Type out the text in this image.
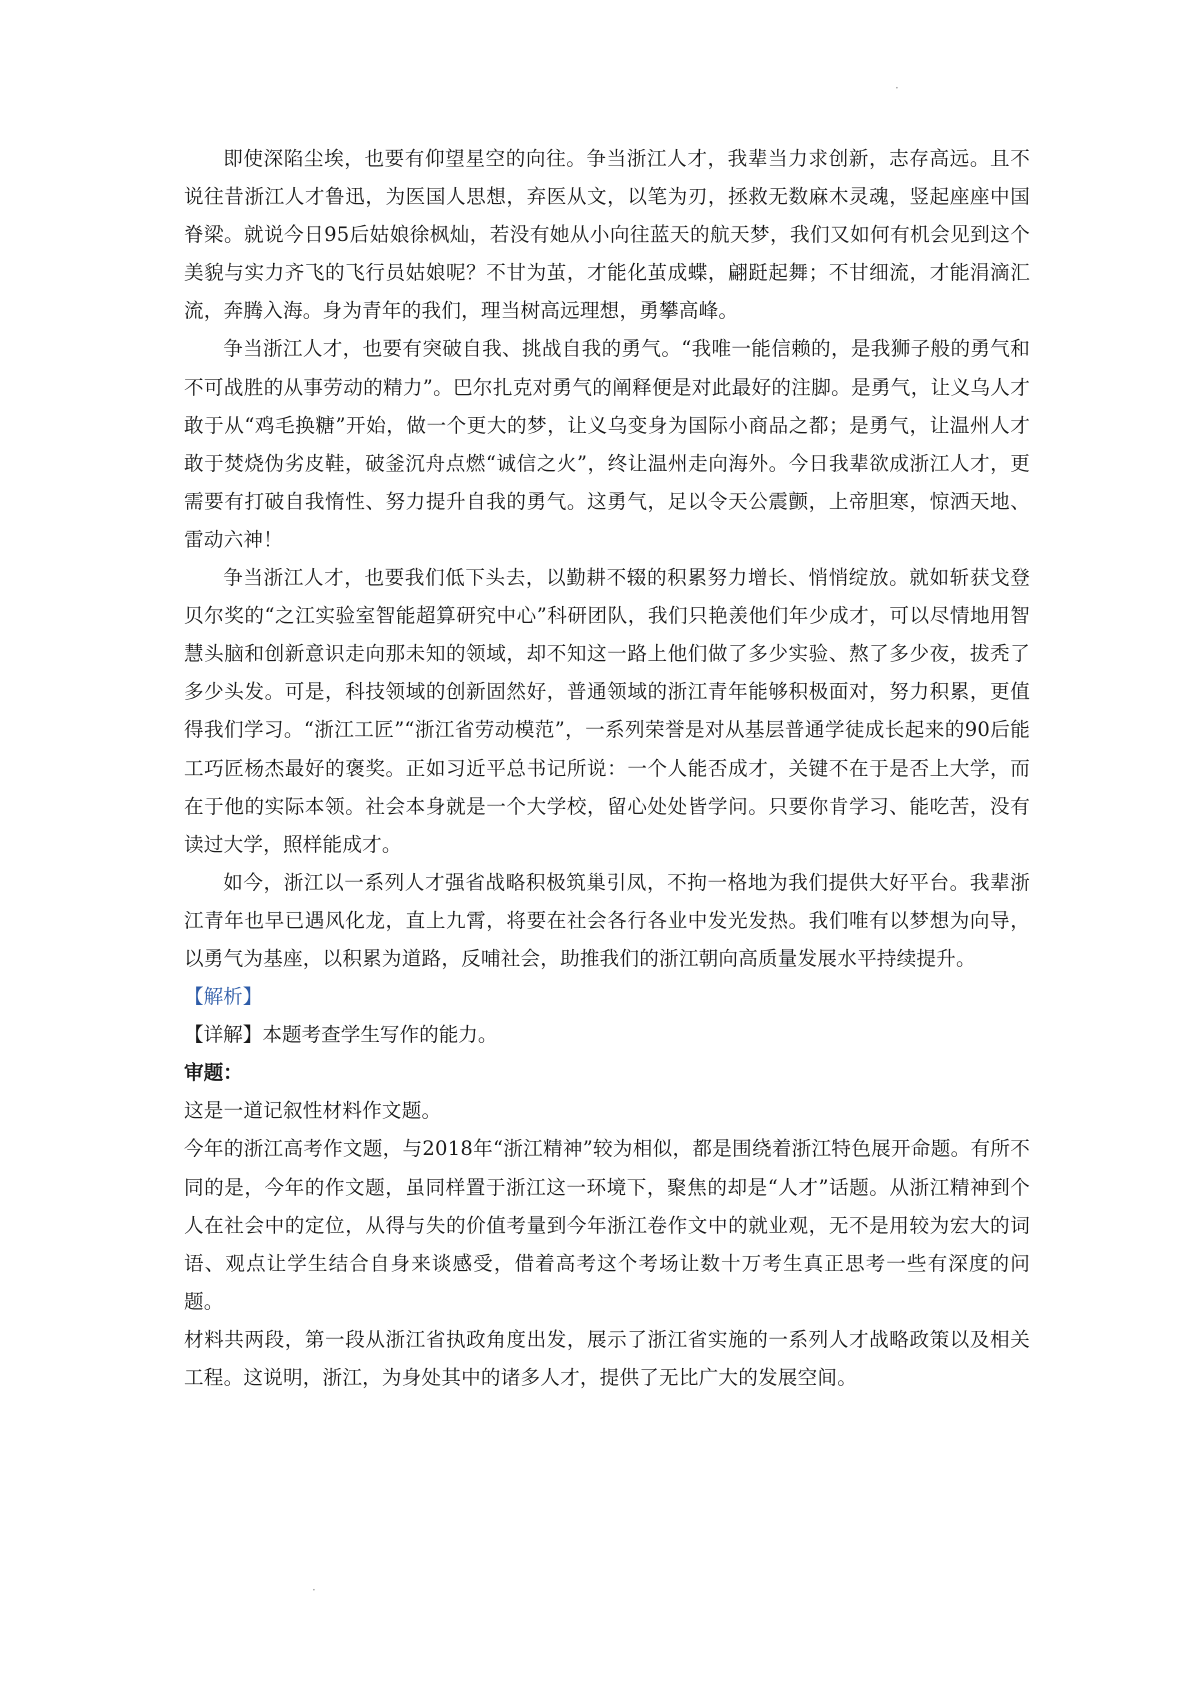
·

即使深陷尘埃，也要有仰望星空的向往。争当浙江人才，我辈当力求创新，志存高远。且不说往昔浙江人才鲁迅，为医国人思想，弃医从文，以笔为刃，拯救无数麻木灵魂，竖起座座中国脊梁。就说今日95后姑娘徐枫灿，若没有她从小向往蓝天的航天梦，我们又如何有机会见到这个美貌与实力齐飞的飞行员姑娘呢？不甘为茧，才能化茧成蝶，翩跹起舞；不甘细流，才能涓滴汇流，奔腾入海。身为青年的我们，理当树高远理想，勇攀高峰。

争当浙江人才，也要有突破自我、挑战自我的勇气。“我唯一能信赖的，是我狮子般的勇气和不可战胜的从事劳动的精力”。巴尔扎克对勇气的阐释便是对此最好的注脚。是勇气，让义乌人才敢于从“鸡毛换糖”开始，做一个更大的梦，让义乌变身为国际小商品之都；是勇气，让温州人才敢于焚烧伪劣皮鞋，破釜沉舟点燃“诚信之火”，终让温州走向海外。今日我辈欲成浙江人才，更需要有打破自我惰性、努力提升自我的勇气。这勇气，足以令天公震颤，上帝胆寒，惊洒天地、雷动六神！

争当浙江人才，也要我们低下头去，以勤耕不辍的积累努力增长、悄悄绽放。就如斩获戈登贝尔奖的“之江实验室智能超算研究中心”科研团队，我们只艳羡他们年少成才，可以尽情地用智慧头脑和创新意识走向那未知的领域，却不知这一路上他们做了多少实验、熬了多少夜，拔秃了多少头发。可是，科技领域的创新固然好，普通领域的浙江青年能够积极面对，努力积累，更值得我们学习。“浙江工匠”“浙江省劳动模范”，一系列荣誉是对从基层普通学徒成长起来的90后能工巧匠杨杰最好的褒奖。正如习近平总书记所说：一个人能否成才，关键不在于是否上大学，而在于他的实际本领。社会本身就是一个大学校，留心处处皆学问。只要你肯学习、能吃苦，没有读过大学，照样能成才。

如今，浙江以一系列人才强省战略积极筑巢引凤，不拘一格地为我们提供大好平台。我辈浙江青年也早已遇风化龙，直上九霄，将要在社会各行各业中发光发热。我们唯有以梦想为向导，以勇气为基座，以积累为道路，反哺社会，助推我们的浙江朝向高质量发展水平持续提升。

【解析】

【详解】本题考查学生写作的能力。

审题：

这是一道记叙性材料作文题。

今年的浙江高考作文题，与2018年“浙江精神”较为相似，都是围绕着浙江特色展开命题。有所不同的是，今年的作文题，虽同样置于浙江这一环境下，聚焦的却是“人才”话题。从浙江精神到个人在社会中的定位，从得与失的价值考量到今年浙江卷作文中的就业观，无不是用较为宏大的词语、观点让学生结合自身来谈感受，借着高考这个考场让数十万考生真正思考一些有深度的问题。

材料共两段，第一段从浙江省执政角度出发，展示了浙江省实施的一系列人才战略政策以及相关工程。这说明，浙江，为身处其中的诸多人才，提供了无比广大的发展空间。

·
